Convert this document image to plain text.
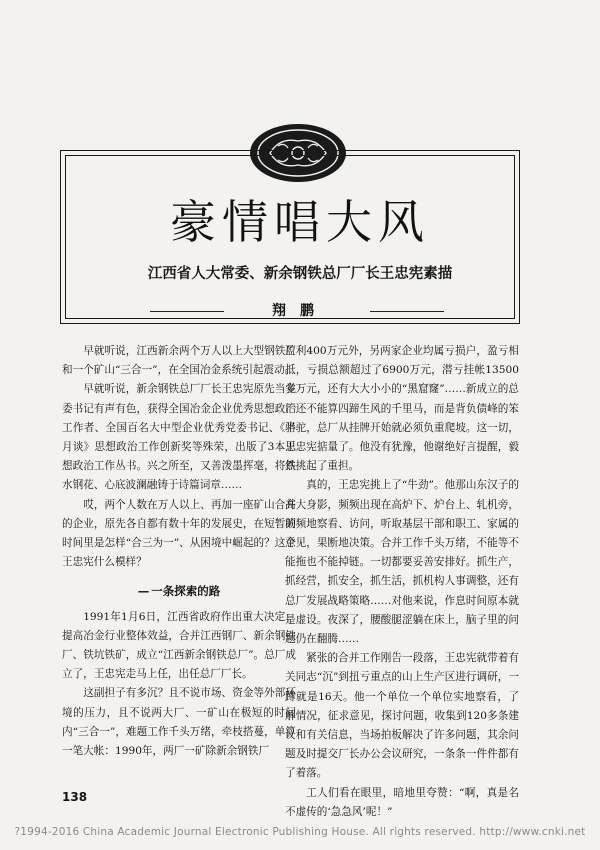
豪情唱大风
江西省人大常委、新余钢铁总厂厂长王忠宪素描
翔鹏

早就听说，江西新余两个万人以上大型钢铁厂和一个矿山“三合一”，在全国冶金系统引起震动。

早就听说，新余钢铁总厂厂长王忠宪原先当党委书记有声有色，获得全国冶金企业优秀思想政治工作者、全国百名大中型企业优秀党委书记、《半月谈》思想政治工作创新奖等殊荣，出版了3本思想政治工作丛书。兴之所至，又善泼墨挥毫，将铁水钢花、心底波澜融铸于诗篇词章……

哎，两个人数在万人以上、再加一座矿山合并的企业，原先各自都有数十年的发展史，在短暂的时间里是怎样“合三为一”、从困境中崛起的？这个王忠宪什么模样？

— 一条探索的路

1991年1月6日，江西省政府作出重大决定：提高冶金行业整体效益，合并江西钢厂、新余钢铁厂、铁坑铁矿，成立“江西新余钢铁总厂”。总厂成立了，王忠宪走马上任，出任总厂厂长。

这副担子有多沉？且不说市场、资金等外部环境的压力，且不说两大厂、一矿山在极短的时间内“三合一”，难题工作千头万绪，牵枝搭蔓，单算一笔大帐：1990年，两厂一矿除新余钢铁厂

盈利400万元外，另两家企业均属亏损户，盈亏相抵，亏损总额超过了6900万元，潜亏挂帐13500多万元，还有大大小小的“黑窟窿”……新成立的总厂还不能算四蹄生风的千里马，而是背负债峰的笨骆驼，总厂从挂牌开始就必须负重爬坡。这一切，王忠宪掂量了。他没有犹豫，他谢绝好言提醒，毅然挑起了重担。

真的，王忠宪挑上了“牛劲”。他那山东汉子的高大身影，频频出现在高炉下、炉台上、轧机旁，频频地察看、访问，听取基层干部和职工、家属的意见，果断地决策。合并工作千头万绪，不能等不能拖也不能掉链。一切都要妥善安排好。抓生产，抓经营，抓安全，抓生活，抓机构人事调整，还有总厂发展战略策略……对他来说，作息时间原本就是虚设。夜深了，腰酸腿涩躺在床上，脑子里的问题仍在翻腾……

紧张的合并工作刚告一段落，王忠宪就带着有关同志“沉”到扭亏重点的山上生产区进行调研，一蹲就是16天。他一个单位一个单位实地察看，了解情况，征求意见，探讨问题，收集到120多条建议和有关信息，当场拍板解决了许多问题，其余问题及时提交厂长办公会议研究，一条条一件件都有了着落。

工人们看在眼里，暗地里夸赞：“啊，真是名不虚传的‘急急风’呢！”

138
?1994-2016 China Academic Journal Electronic Publishing House. All rights reserved. http://www.cnki.net
